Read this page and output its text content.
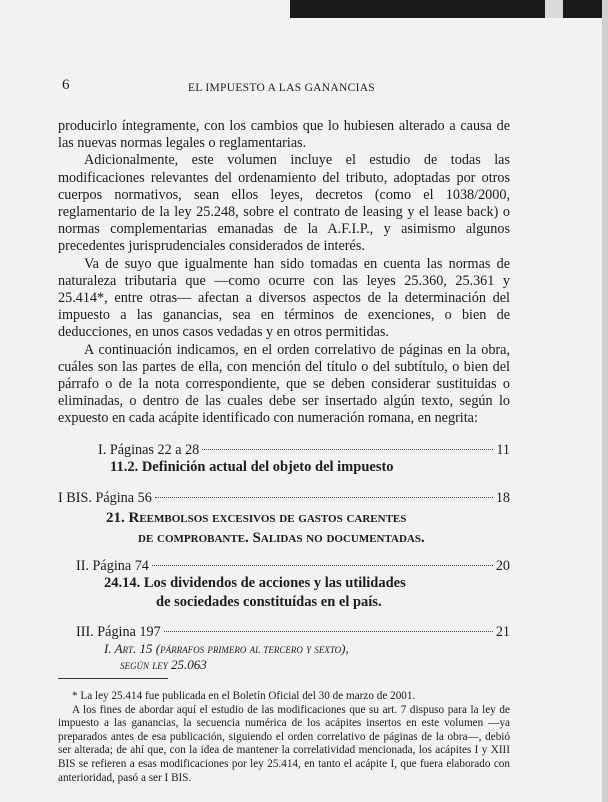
6	EL IMPUESTO A LAS GANANCIAS

producirlo íntegramente, con los cambios que lo hubiesen alterado a causa de las nuevas normas legales o reglamentarias.

Adicionalmente, este volumen incluye el estudio de todas las modificaciones relevantes del ordenamiento del tributo, adoptadas por otros cuerpos normativos, sean ellos leyes, decretos (como el 1038/2000, reglamentario de la ley 25.248, sobre el contrato de leasing y el lease back) o normas complementarias emanadas de la A.F.I.P., y asimismo algunos precedentes jurisprudenciales considerados de interés.

Va de suyo que igualmente han sido tomadas en cuenta las normas de naturaleza tributaria que —como ocurre con las leyes 25.360, 25.361 y 25.414*, entre otras— afectan a diversos aspectos de la determinación del impuesto a las ganancias, sea en términos de exenciones, o bien de deducciones, en unos casos vedadas y en otros permitidas.

A continuación indicamos, en el orden correlativo de páginas en la obra, cuáles son las partes de ella, con mención del título o del subtítulo, o bien del párrafo o de la nota correspondiente, que se deben considerar sustituidas o eliminadas, o dentro de las cuales debe ser insertado algún texto, según lo expuesto en cada acápite identificado con numeración romana, en negrita:

I. Páginas 22 a 28	11
11.2. Definición actual del objeto del impuesto
I BIS. Página 56	18
21. Reembolsos excesivos de gastos carentes
de comprobante. Salidas no documentadas.
II. Página 74	20
24.14. Los dividendos de acciones y las utilidades
de sociedades constituídas en el país.
III. Página 197	21
I. Art. 15 (párrafos primero al tercero y sexto),
según ley 25.063

* La ley 25.414 fue publicada en el Boletín Oficial del 30 de marzo de 2001.

A los fines de abordar aquí el estudio de las modificaciones que su art. 7 dispuso para la ley de impuesto a las ganancias, la secuencia numérica de los acápites insertos en este volumen —ya preparados antes de esa publicación, siguiendo el orden correlativo de páginas de la obra—, debió ser alterada; de ahí que, con la idea de mantener la correlatividad mencionada, los acápites I y XIII BIS se refieren a esas modificaciones por ley 25.414, en tanto el acápite I, que fuera elaborado con anterioridad, pasó a ser I BIS.
